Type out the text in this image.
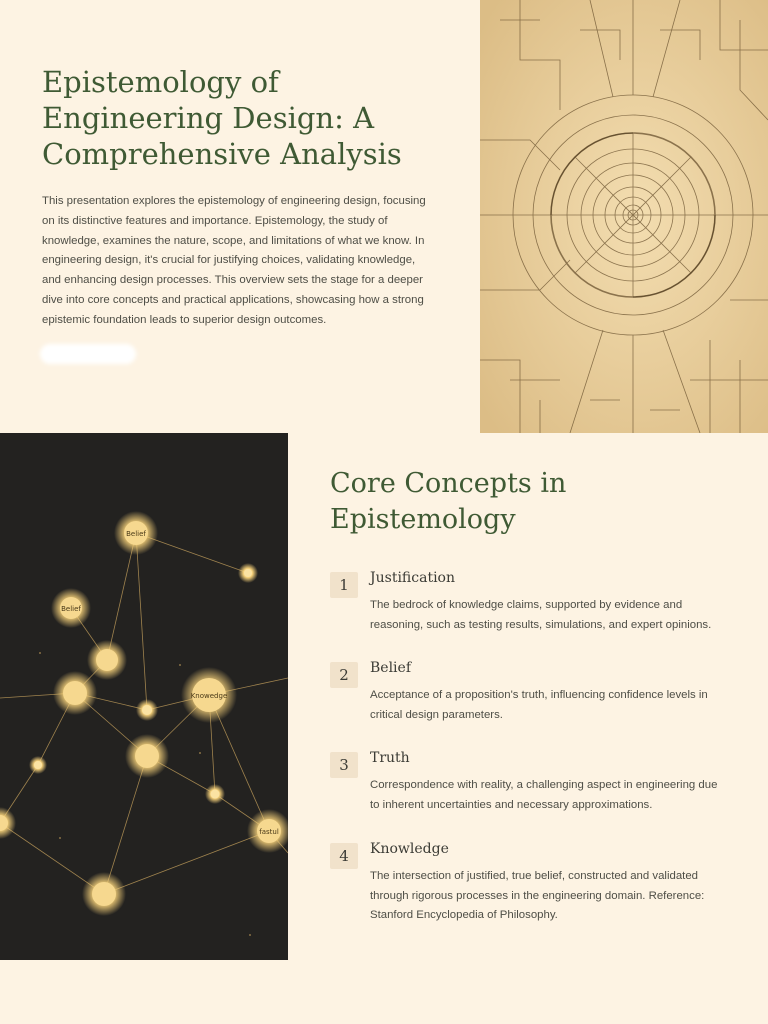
Epistemology of Engineering Design: A Comprehensive Analysis

This presentation explores the epistemology of engineering design, focusing on its distinctive features and importance. Epistemology, the study of knowledge, examines the nature, scope, and limitations of what we know. In engineering design, it's crucial for justifying choices, validating knowledge, and enhancing design processes. This overview sets the stage for a deeper dive into core concepts and practical applications, showcasing how a strong epistemic foundation leads to superior design outcomes.

Belief
Belief
Knowedge
fastul
Core Concepts in Epistemology
1	Justification

The bedrock of knowledge claims, supported by evidence and reasoning, such as testing results, simulations, and expert opinions.

2	Belief

Acceptance of a proposition's truth, influencing confidence levels in critical design parameters.

3	Truth

Correspondence with reality, a challenging aspect in engineering due to inherent uncertainties and necessary approximations.

4	Knowledge

The intersection of justified, true belief, constructed and validated through rigorous processes in the engineering domain. Reference: Stanford Encyclopedia of Philosophy.
